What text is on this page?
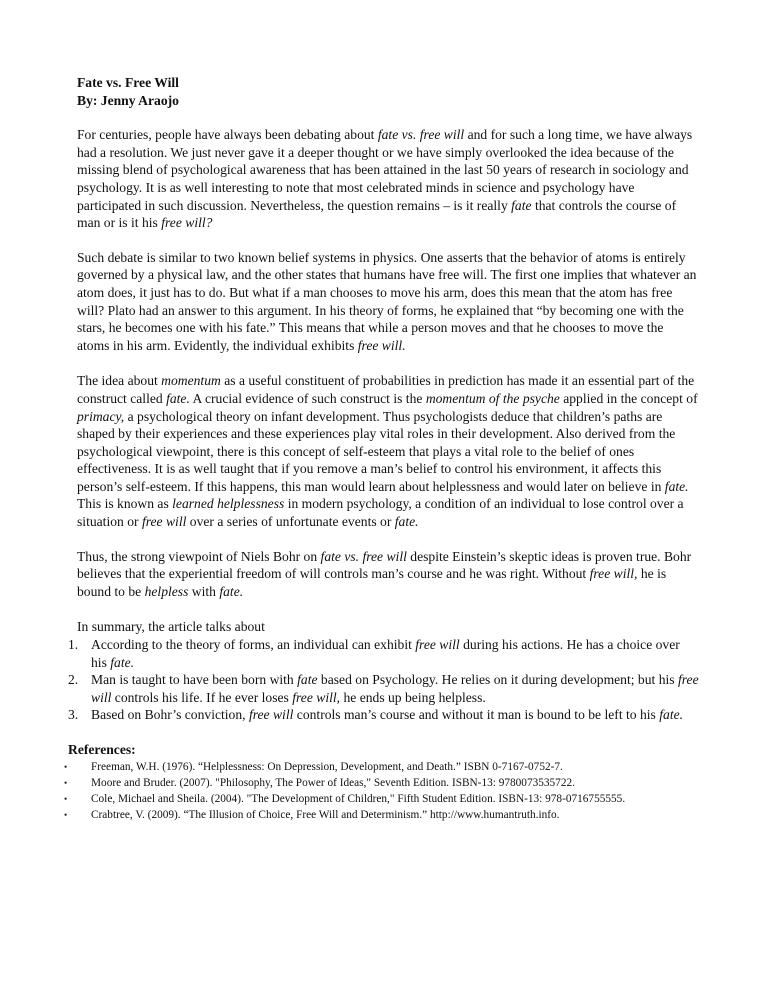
Fate vs. Free Will

By: Jenny Araojo

For centuries, people have always been debating about fate vs. free will and for such a long time, we have always had a resolution. We just never gave it a deeper thought or we have simply overlooked the idea because of the missing blend of psychological awareness that has been attained in the last 50 years of research in sociology and psychology. It is as well interesting to note that most celebrated minds in science and psychology have participated in such discussion. Nevertheless, the question remains – is it really fate that controls the course of man or is it his free will?

Such debate is similar to two known belief systems in physics. One asserts that the behavior of atoms is entirely governed by a physical law, and the other states that humans have free will. The first one implies that whatever an atom does, it just has to do. But what if a man chooses to move his arm, does this mean that the atom has free will? Plato had an answer to this argument. In his theory of forms, he explained that “by becoming one with the stars, he becomes one with his fate.” This means that while a person moves and that he chooses to move the atoms in his arm. Evidently, the individual exhibits free will.

The idea about momentum as a useful constituent of probabilities in prediction has made it an essential part of the construct called fate. A crucial evidence of such construct is the momentum of the psyche applied in the concept of primacy, a psychological theory on infant development. Thus psychologists deduce that children’s paths are shaped by their experiences and these experiences play vital roles in their development. Also derived from the psychological viewpoint, there is this concept of self-esteem that plays a vital role to the belief of ones effectiveness. It is as well taught that if you remove a man’s belief to control his environment, it affects this person’s self-esteem. If this happens, this man would learn about helplessness and would later on believe in fate. This is known as learned helplessness in modern psychology, a condition of an individual to lose control over a situation or free will over a series of unfortunate events or fate.

Thus, the strong viewpoint of Niels Bohr on fate vs. free will despite Einstein’s skeptic ideas is proven true. Bohr believes that the experiential freedom of will controls man’s course and he was right. Without free will, he is bound to be helpless with fate.

In summary, the article talks about

1. According to the theory of forms, an individual can exhibit free will during his actions. He has a choice over his fate.
2. Man is taught to have been born with fate based on Psychology. He relies on it during development; but his free will controls his life. If he ever loses free will, he ends up being helpless.
3. Based on Bohr’s conviction, free will controls man’s course and without it man is bound to be left to his fate.

References:

• Freeman, W.H. (1976). “Helplessness: On Depression, Development, and Death.” ISBN 0-7167-0752-7.
• Moore and Bruder. (2007). "Philosophy, The Power of Ideas," Seventh Edition. ISBN-13: 9780073535722.
• Cole, Michael and Sheila. (2004). "The Development of Children," Fifth Student Edition. ISBN-13: 978-0716755555.
• Crabtree, V. (2009). “The Illusion of Choice, Free Will and Determinism.” http://www.humantruth.info.
